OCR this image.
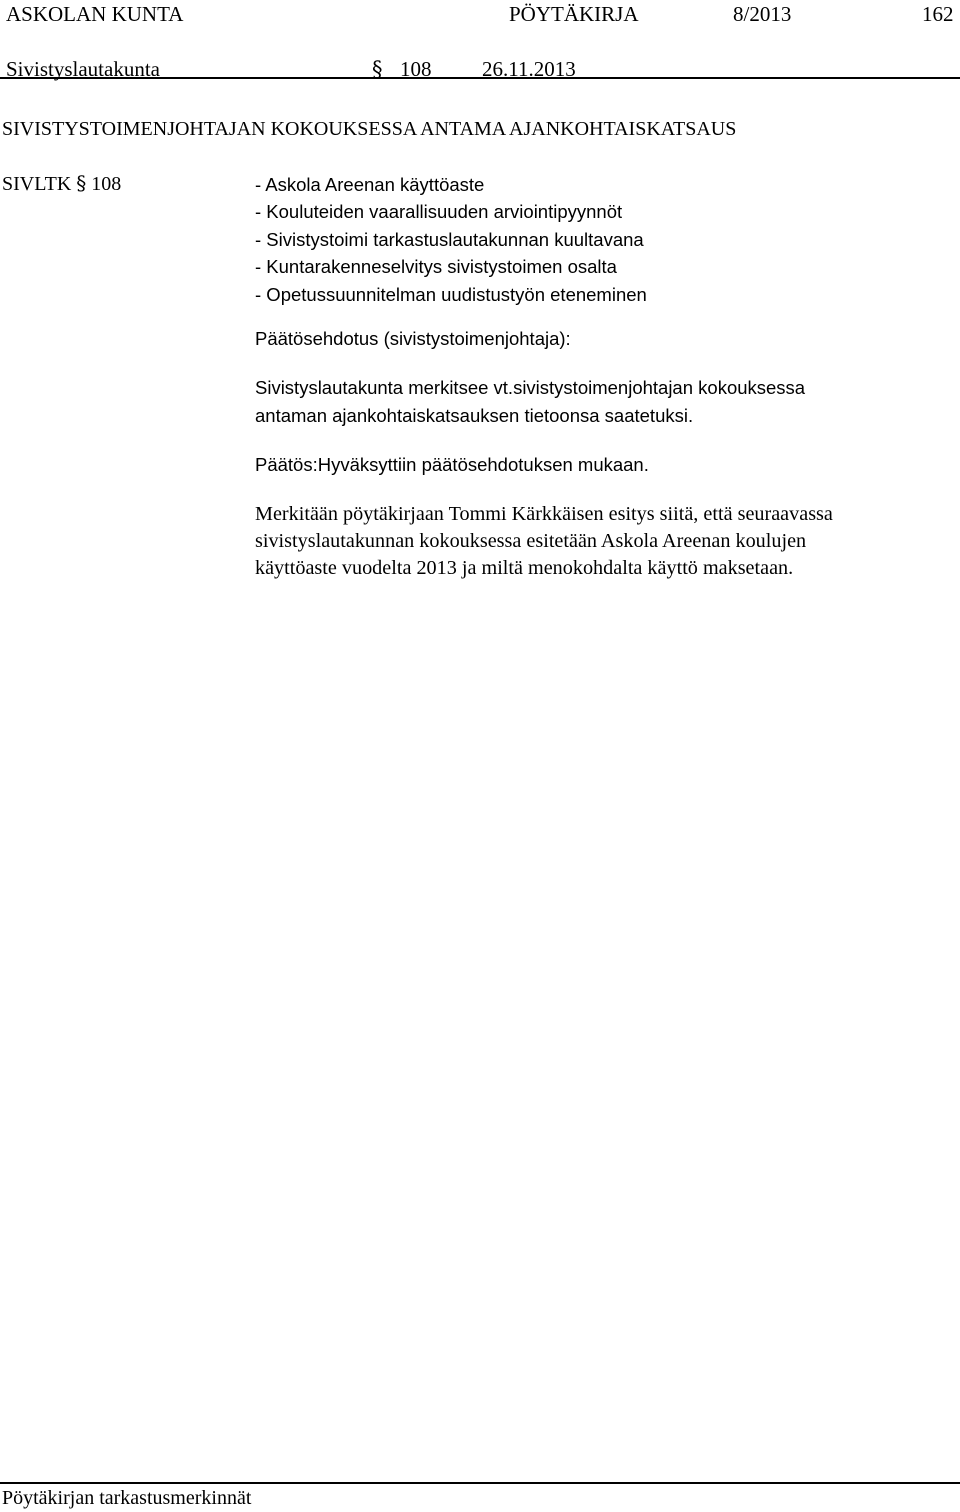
ASKOLAN KUNTA	PÖYTÄKIRJA	8/2013	162
Sivistyslautakunta	§ 108 26.11.2013
SIVISTYSTOIMENJOHTAJAN KOKOUKSESSA ANTAMA AJANKOHTAISKATSAUS
SIVLTK § 108	- Askola Areenan käyttöaste
- Kouluteiden vaarallisuuden arviointipyynnöt
- Sivistystoimi tarkastuslautakunnan kuultavana
- Kuntarakenneselvitys sivistystoimen osalta
- Opetussuunnitelman uudistustyön eteneminen

Päätösehdotus (sivistystoimenjohtaja):

Sivistyslautakunta merkitsee vt.sivistystoimenjohtajan kokouksessa

antaman ajankohtaiskatsauksen tietoonsa saatetuksi.

Päätös:Hyväksyttiin päätösehdotuksen mukaan.

Merkitään pöytäkirjaan Tommi Kärkkäisen esitys siitä, että seuraavassa

sivistyslautakunnan kokouksessa esitetään Askola Areenan koulujen

käyttöaste vuodelta 2013 ja miltä menokohdalta käyttö maksetaan.

Pöytäkirjan tarkastusmerkinnät
